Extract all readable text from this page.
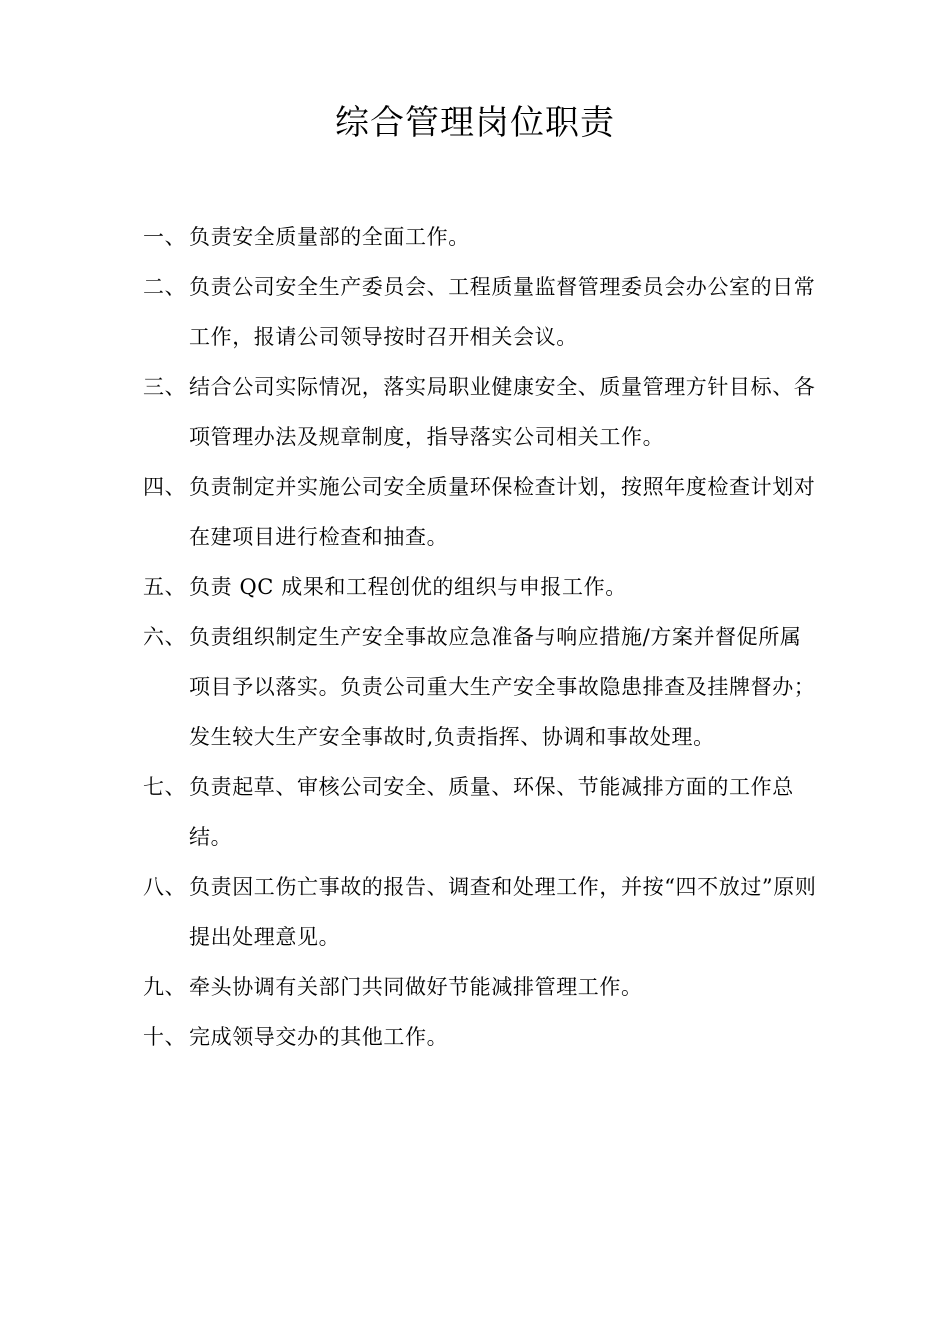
综合管理岗位职责
一、 负责安全质量部的全面工作。
二、 负责公司安全生产委员会、工程质量监督管理委员会办公室的日常工作，报请公司领导按时召开相关会议。
三、 结合公司实际情况，落实局职业健康安全、质量管理方针目标、各项管理办法及规章制度，指导落实公司相关工作。
四、 负责制定并实施公司安全质量环保检查计划，按照年度检查计划对在建项目进行检查和抽查。
五、 负责 QC 成果和工程创优的组织与申报工作。
六、 负责组织制定生产安全事故应急准备与响应措施/方案并督促所属项目予以落实。负责公司重大生产安全事故隐患排查及挂牌督办；发生较大生产安全事故时,负责指挥、协调和事故处理。
七、 负责起草、审核公司安全、质量、环保、节能减排方面的工作总结。
八、 负责因工伤亡事故的报告、调查和处理工作，并按“四不放过”原则提出处理意见。
九、 牵头协调有关部门共同做好节能减排管理工作。
十、 完成领导交办的其他工作。
